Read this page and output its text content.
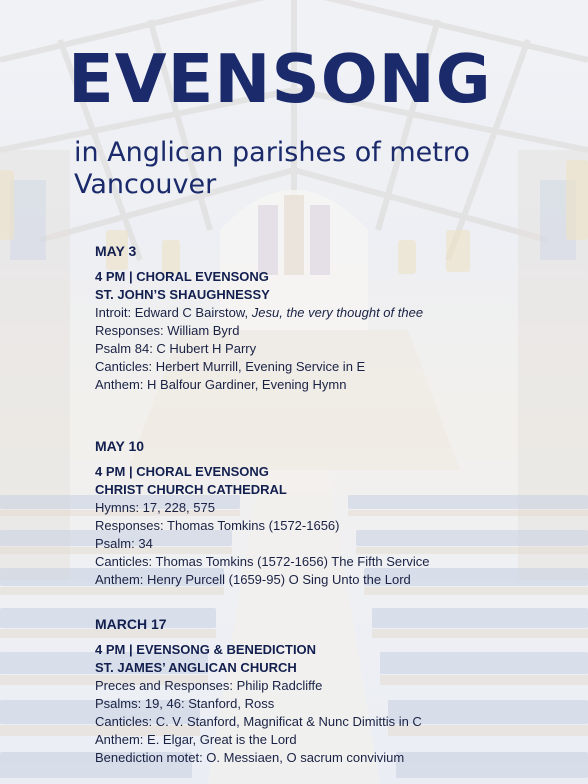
EVENSONG

in Anglican parishes of metro Vancouver

MAY 3

4 PM | CHORAL EVENSONG

ST. JOHN’S SHAUGHNESSY

Introit: Edward C Bairstow, Jesu, the very thought of thee

Responses: William Byrd

Psalm 84: C Hubert H Parry

Canticles: Herbert Murrill, Evening Service in E

Anthem: H Balfour Gardiner, Evening Hymn

MAY 10

4 PM | CHORAL EVENSONG

CHRIST CHURCH CATHEDRAL

Hymns: 17, 228, 575

Responses: Thomas Tomkins (1572-1656)

Psalm: 34

Canticles: Thomas Tomkins (1572-1656) The Fifth Service

Anthem: Henry Purcell (1659-95) O Sing Unto the Lord

MARCH 17

4 PM | EVENSONG & BENEDICTION

ST. JAMES’ ANGLICAN CHURCH

Preces and Responses: Philip Radcliffe

Psalms: 19, 46: Stanford, Ross

Canticles: C. V. Stanford, Magnificat & Nunc Dimittis in C

Anthem: E. Elgar, Great is the Lord

Benediction motet: O. Messiaen, O sacrum convivium
